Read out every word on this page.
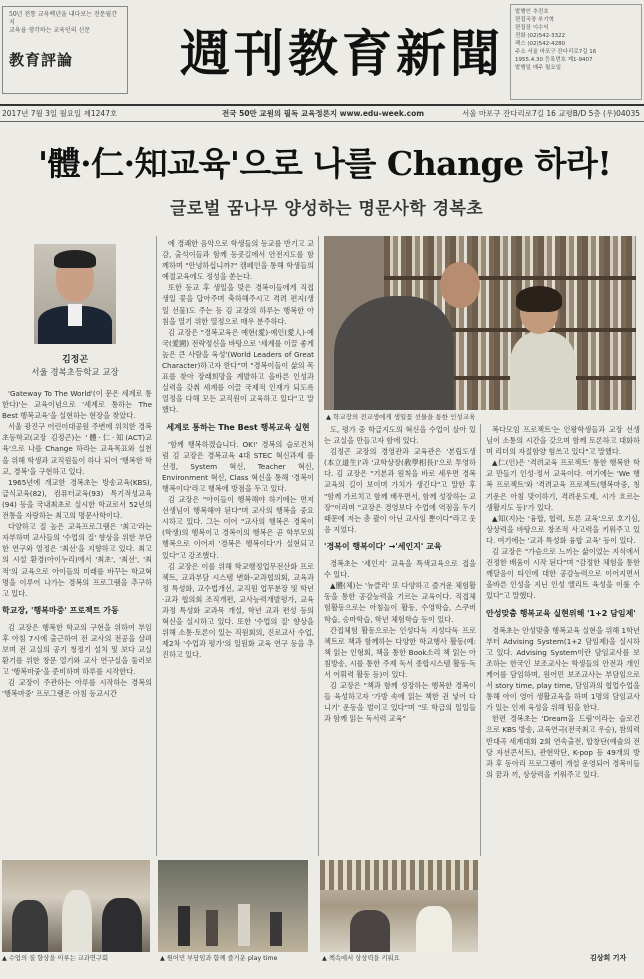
50년 전통 교육백년을 내다보는 전문월간지
교육을 생각하는 교육인의 신문
教育評論	週刊教育新聞
발행인 추진호
편집국장 부기혁
편집장 이수익
전화 (02)542-3322
팩스 (02)542-4280
주소 서울 마포구 잔다리로7길 16
1955.4.30 등록번호 제1-9407
발행일 매주 월요일
2017년 7월 3일 월요일 제1247호	전국 50만 교원의 필독 교육정론지 www.edu-week.com	서울 마포구 잔다리로7길 16 교평B/D 5층 (우)04035
'體·仁·知교육'으로 나를 Change 하라!
글로벌 꿈나무 양성하는 명문사학 경복초
김정곤
서울 경복초등학교 교장
▲ 학교장의 전교생에게 생일꽃 선물을 통한 인성교육

'Gateway To The World'(이 문은 세계로 통한다)'는 교육이념으로 '세계로 통하는 The Best 행복교육'을 실현하는 현장을 찾았다.

서울 광진구 어린이대공원 주변에 위치한 경복초등학교(교장 김정곤)는 '體·仁·知(ACT)교육'으로 나를 Change 하라는 교육목표와 실천을 위해 학생과 교직원들이 하나 되어 '행복한 학교, 경복'을 구현하고 있다.

1965년에 개교한 경복초는 방송교육(KBS), 급식교육(82), 컴퓨터교육(93) 특기적성교육(94) 등을 국내최초로 실시한 학교로서 52년의 전통을 자랑하는 최고의 명문사학이다.

다양하고 질 높은 교육프로그램은 '최고'라는 자부하며 교사들의 '수업의 질' 향상을 위한 부단한 연구와 열정은 '최선'을 지향하고 있다. 최고의 시설 환경(아이누리)에서 '최초', '최선', '최적'의 교육으로 아이들의 미래를 바꾸는 학교혁명을 이루어 나가는 경복의 프로그램을 추구하고 있다.

학교장, '행복마중' 프로젝트 가동

김 교장은 행복한 학교의 구현을 위하여 부임 후 아침 7시에 출근하여 전 교사의 전공을 살펴보며 전 교실의 공기 청정기 설치 및 보다 교실 환기를 위한 창문 열기와 교사 연구실을 둘러보고 '행복마중'을 준비하며 하루를 시작한다.

김 교장이 주관하는 아루를 시작하는 경복의 '행복마중' 프로그램은 아침 등교시간

에 경쾌한 음악으로 학생들의 등교를 반기고 교감, 출석이들과 함께 등굣길에서 안전지도를 함께하며 "안녕하십니까?" 캠페인을 통해 학생들의 예절교육에도 정성을 쏟는다.

또한 등교 후 생일을 맞은 경복이들에게 직접 생일 꽃을 답아주며 축하해주시고 격려 편지(생일 선물)도 주는 등 김 교장의 하루는 행복한 아침을 열기 위한 열정으로 매우 분주하다.

김 교장은 "경복교육은 예현(愛)·예인(愛人)·예국(愛國) 전략정신을 바탕으로 '세계를 이끌 좋게 높은 큰 사람을 육성'(World Leaders of Great Character)하고자 한다"며 "경복이들이 삶의 목표를 찾아 장래희망을 계발하고 올바른 인성과 실력을 갖춰 세계를 이끌 국제적 인재가 되도록 열정을 다해 모든 교직원이 교육하고 있다"고 말했다.

세계로 통하는 The Best 행복교육 실현

'함께 행복하겠습니다. OK!' 경복의 슬로건처럼 김 교장은 경복교육 4대 STEC 혁신과제 를 선정, System 혁신, Teacher 혁신, Environment 혁신, Class 혁신을 통해 '경복이 행복이다'라고 행복에 방점을 두고 있다.

김 교장은 "아이들이 행복해야 하기에는 면저 선생님이 행복해야 된다"며 교사의 행복을 중요시하고 있다. 그는 이어 "교사의 행복은 경복이(학생)의 행복이고 경복이의 행복은 곧 학부모의 행복으로 이어져 '경복은 행복이다'가 실현되고 있다"고 강조했다.

김 교장은 이를 위해 학교행정업무전산화 프로젝트, 교과부담 시스템 변화-교과협의회, 교육과정 특성화, 교수법개선, 교직원 업무분장 및 학년·교과 협의회 조직개편, 교사능력개발평가, 교육과정 특성화 교과목 개설, 학년 교과 편성 등의 혁신을 실시하고 있다. 또한 '수업의 질' 향상을 위해 소통·토론이 있는 직원회의, 진로교사 수업, 제2차 '수업과 평가'의 일원화 교육 연구 등을 추진하고 있다.

도, 평가 중 학급지도의 혁신을 수업이 살아 있는 교실을 만들고자 함에 있다.

김정곤 교장의 경영관과 교육관은 '본립도생(本立道生)'과 '교학상장(敎學相長)'으로 투영하다. 김 교장은 "기본과 원칙을 바로 세우면 경복 교육의 길이 보이며 가치가 생긴다"고 말한 후 "함께 가르치고 함께 배우면서, 함께 성장하는 교장"이라며 "교장은 경영보다 수업에 역점을 두기 때문에 저는 총 괄이 아닌 교사임 뿐이다"라고 웃음 지었다.

'경복이 행복이다' →'세인지' 교육

경복초는 '세인지' 교육을 특색교육으로 접을 수 있다.

▲體(체)는 '뉴클리' 또 다양하고 즐거운 체험활동을 통한 공감능력을 기르는 교육이다. 직접체험활동으로는 아침놀이 활동, 수영학습, 스쿠버학습, 승마학습, 학년 체험학습 등이 있다.

간접체험 활동으로는 인성다독 지성다독 프로젝트로 책과 함께하는 다양한 학교행사 활동(예: 책 읽는 인형회, 책을 통한 Book소리 책 읽는 아침방송, 시를 통한 주제 독서 종합시스템 활동·독서 어휘력 활동 등)이 있다.

김 교장은 "책과 함께 성장하는 행복한 경복이들 육성하고자 '가방 속에 읽는 책한 권 넣어 다니기' 운동을 벌이고 있다"며 "또 학급의 일일들과 함께 읽는 독서력 교육"

복다모임 프로젝트'는 인왕학생들과 교장 선생님이 소통의 시간을 갖으며 함께 토론하고 대화하며 리더의 자질함양 힘쓰고 있다"고 말했다.

▲仁(인)은 '격려교육 프로젝트' 통한 행복한 학교 만들기 인성·정서 교육이다. 여기에는 'We 행복 프로젝트'와 '격려교육 프로젝트(행복마중, 칭기운은 아침 맞이하기, 격려운도제, 시가 흐르는 생활지도 등)'가 있다.

▲知(지)는 '융합, 협력, 토론 교육'으로 호기심, 상상력을 바탕으로 창조적 사고력을 키워주고 있다. 여기에는 '교과 특성화 융합 교육' 등이 있다.

김 교장은 "가슴으로 느끼는 삶이었는 지식에서 진정한 배움이 시작 된다"며 "감정한 체험을 통한 깨달음이 타인에 대한 공감능력으로 이어지면서 올바른 인성을 지닌 인성 엘리트 육성을 이룰 수 있다"고 말했다.

안성맞춤 행복교육 실현위해 '1+2 담임제'

경복초는 안성맞춤 행복교육 실현을 위해 1학년부터 Advising System(1+2 담임제)을 실시하고 있다. Advising System이란 담임교사를 보조하는 한국인 보조교사는 학생들의 안전과 개인 케어를 담임하며, 원어민 보조교사는 부담임으로서 story time, play time, 담임과의 협업수업을 통해 아이 영어 생활교육을 하며 1명의 담임교사가 있는 인재 육성을 위해 팀을 한다.

한편 경복초는 'Dream을 드림'이라는 슬로건으로 KBS 방송, 교육연극(전국최고 우승), 참의력 반대곡 세계대회 2회 연속출전, 합창단(예술의 전당 자선콘서트), 관현악단, K-pop 등 49개의 방과 후 동아리 프로그램이 개설 운영되어 경복이들의 꿈과 끼, 상상력을 키워주고 있다.

▲ 수업의 질 향상을 이루는 교과연구회	▲ 원어민 부담임과 함께 즐거운 play time	▲ 책속에서 상상력을 키워요	김상희 기자
